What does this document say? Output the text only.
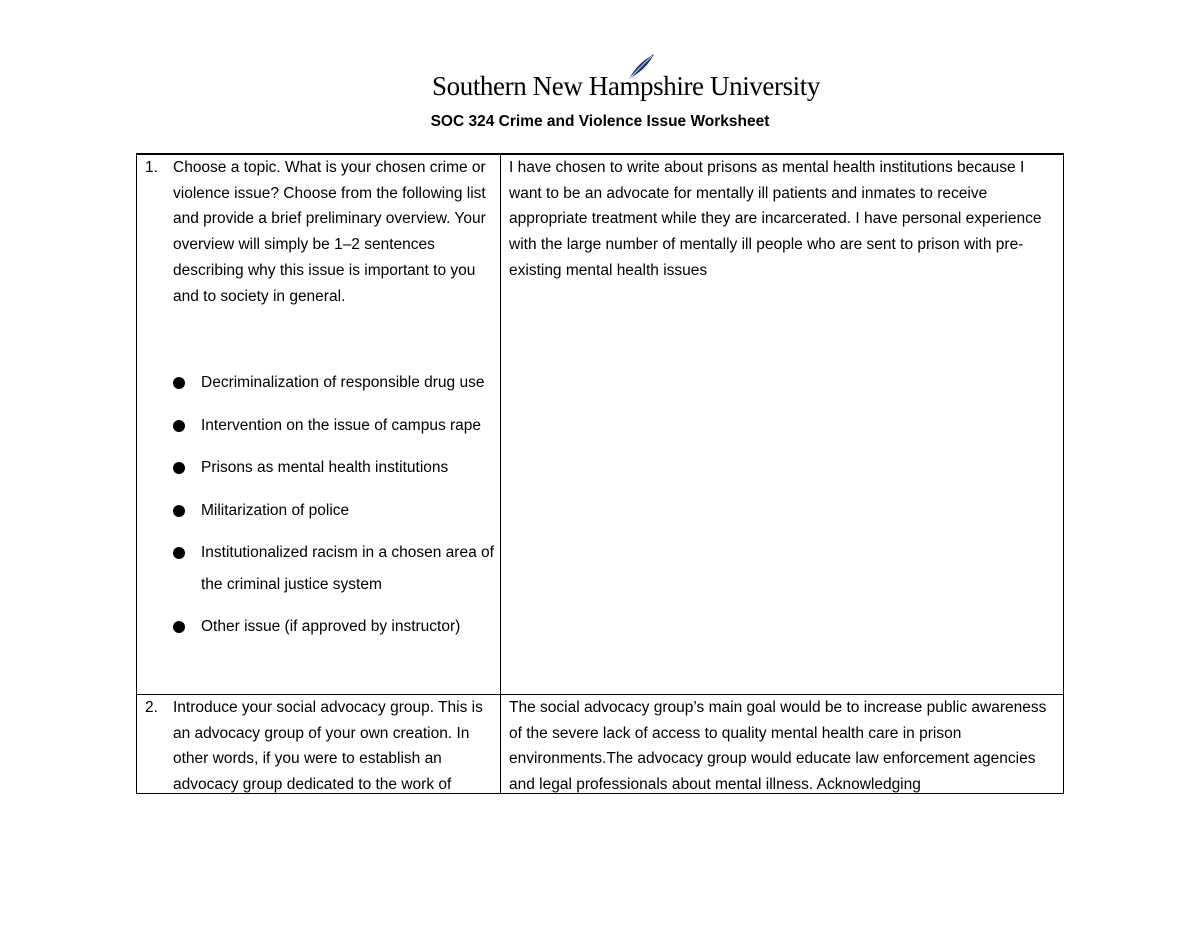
Southern New Hampshire University
SOC 324 Crime and Violence Issue Worksheet
1. Choose a topic. What is your chosen crime or violence issue? Choose from the following list and provide a brief preliminary overview. Your overview will simply be 1–2 sentences describing why this issue is important to you and to society in general.
Decriminalization of responsible drug use
Intervention on the issue of campus rape
Prisons as mental health institutions
Militarization of police
Institutionalized racism in a chosen area of the criminal justice system
Other issue (if approved by instructor)
I have chosen to write about prisons as mental health institutions because I want to be an advocate for mentally ill patients and inmates to receive appropriate treatment while they are incarcerated. I have personal experience with the large number of mentally ill people who are sent to prison with pre-existing mental health issues
2. Introduce your social advocacy group. This is an advocacy group of your own creation. In other words, if you were to establish an advocacy group dedicated to the work of
The social advocacy group’s main goal would be to increase public awareness of the severe lack of access to quality mental health care in prison environments.The advocacy group would educate law enforcement agencies and legal professionals about mental illness. Acknowledging
